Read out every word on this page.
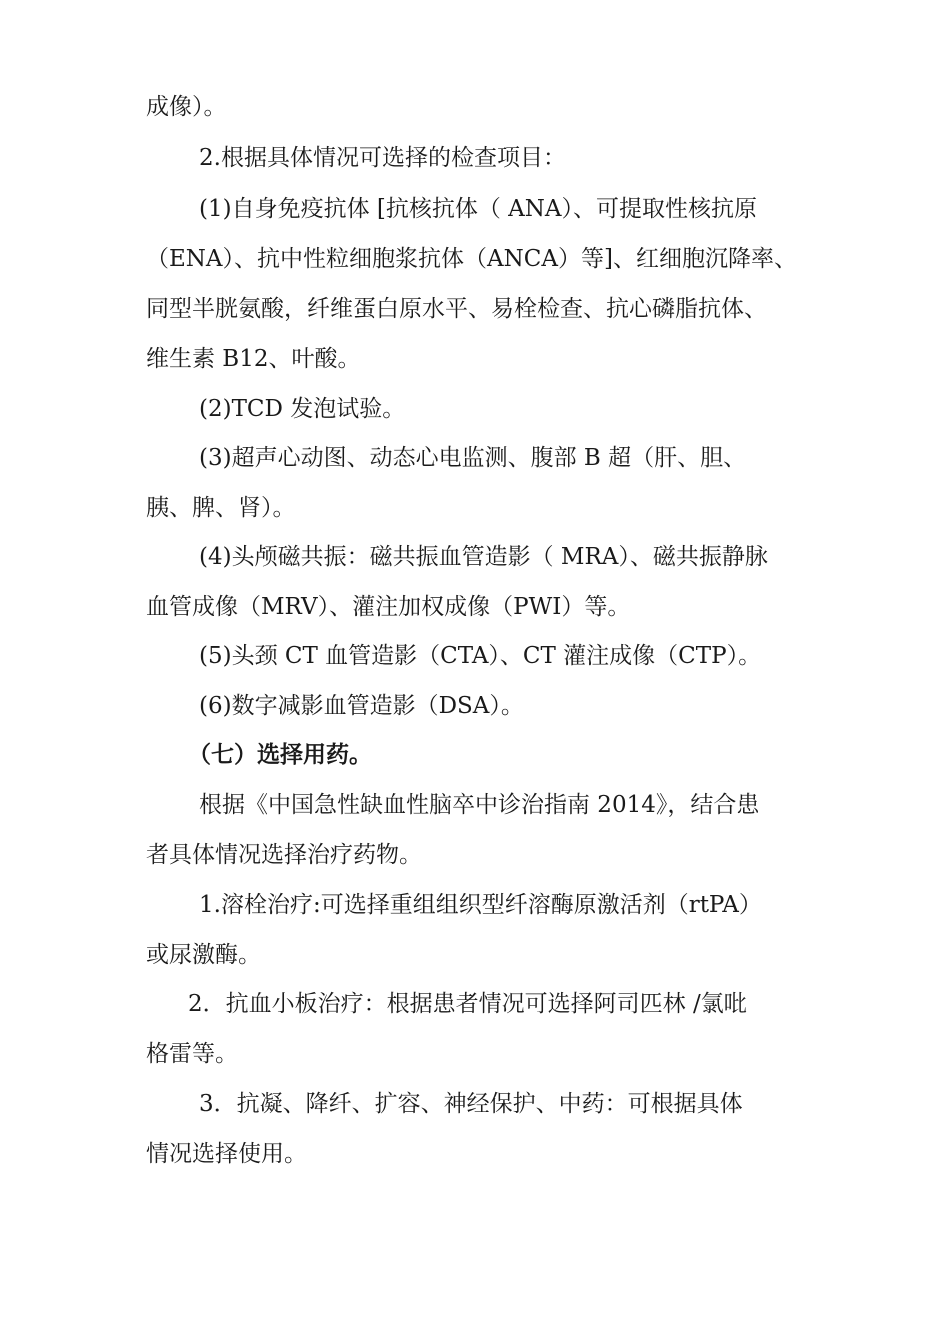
成像）。
2.根据具体情况可选择的检查项目：
(1)自身免疫抗体 [抗核抗体（ ANA）、可提取性核抗原
（ENA）、抗中性粒细胞浆抗体（ANCA）等]、红细胞沉降率、
同型半胱氨酸，纤维蛋白原水平、易栓检查、抗心磷脂抗体、
维生素 B12、叶酸。
(2)TCD 发泡试验。
(3)超声心动图、动态心电监测、腹部 B 超（肝、胆、
胰、脾、肾）。
(4)头颅磁共振：磁共振血管造影（ MRA）、磁共振静脉
血管成像（MRV）、灌注加权成像（PWI）等。
(5)头颈 CT 血管造影（CTA）、CT 灌注成像（CTP）。
(6)数字减影血管造影（DSA）。
（七）选择用药。
根据《中国急性缺血性脑卒中诊治指南 2014》，结合患
者具体情况选择治疗药物。
1.溶栓治疗:可选择重组组织型纤溶酶原激活剂（rtPA）
或尿激酶。
2．抗血小板治疗：根据患者情况可选择阿司匹林 /氯吡
格雷等。
3．抗凝、降纤、扩容、神经保护、中药：可根据具体
情况选择使用。
